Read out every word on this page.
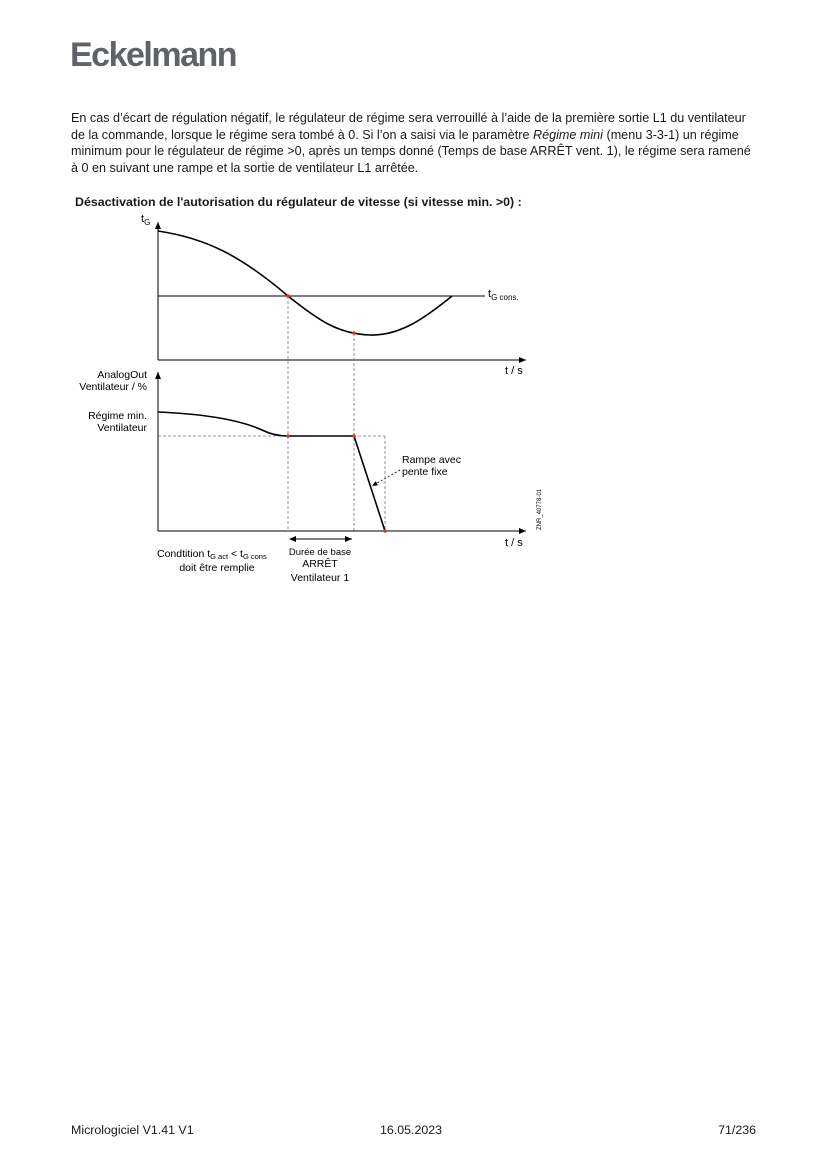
Eckelmann

En cas d’écart de régulation négatif, le régulateur de régime sera verrouillé à l’aide de la première sortie L1 du ventilateur de la commande, lorsque le régime sera tombé à 0. Si l’on a saisi via le paramètre Régime mini (menu 3-3-1) un régime minimum pour le régulateur de régime >0, après un temps donné (Temps de base ARRÊT vent. 1), le régime sera ramené à 0 en suivant une rampe et la sortie de ventilateur L1 arrêtée.

Désactivation de l'autorisation du régulateur de vitesse (si vitesse min. >0) :

$t_G$
$t_{G cons.}$
t / s
AnalogOut
Ventilateur / %
Régime min.
Ventilateur
Rampe avec
pente fixe
t / s
ZNR_40778-01
Condtition tG act < tG cons
doit être remplie
Durée de base
ARRÊT
Ventilateur 1
Micrologiciel V1.41 V1	16.05.2023	71/236
